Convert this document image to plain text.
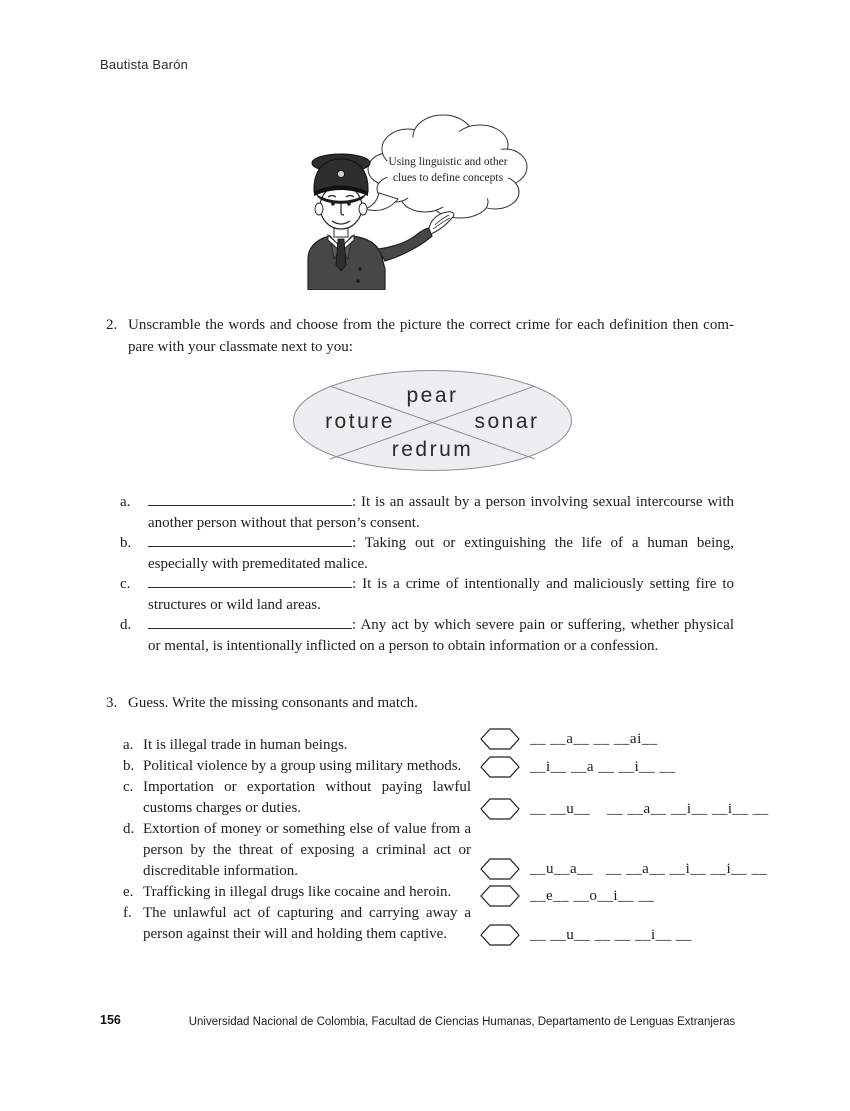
Bautista Barón
Using linguistic and other
clues to define concepts
2. Unscramble the words and choose from the picture the correct crime for each definition then com-
pare with your classmate next to you:
pear
roture	sonar
redrum
a.	: It is an assault by a person involving sexual intercourse with another person without that person’s consent.
b.	: Taking out or extinguishing the life of a human being, especially with premeditated malice.
c.	: It is a crime of intentionally and maliciously setting fire to structures or wild land areas.
d.	: Any act by which severe pain or suffering, whether physical or mental, is intentionally inflicted on a person to obtain information or a confession.
3. Guess. Write the missing consonants and match.
a. It is illegal trade in human beings.
b. Political violence by a group using military methods.
c. Importation or exportation without paying lawful customs charges or duties.
d. Extortion of money or something else of value from a person by the threat of exposing a criminal act or discreditable information.
e. Trafficking in illegal drugs like cocaine and heroin.
f. The unlawful act of capturing and carrying away a person against their will and holding them captive.
__ __a__ __ __ai__
__i__ __a __ __i__ __
__ __u__    __ __a__ __i__ __i__ __
__u__a__   __ __a__ __i__ __i__ __
__e__ __o__i__ __
__ __u__ __ __ __i__ __
156	Universidad Nacional de Colombia, Facultad de Ciencias Humanas, Departamento de Lenguas Extranjeras
